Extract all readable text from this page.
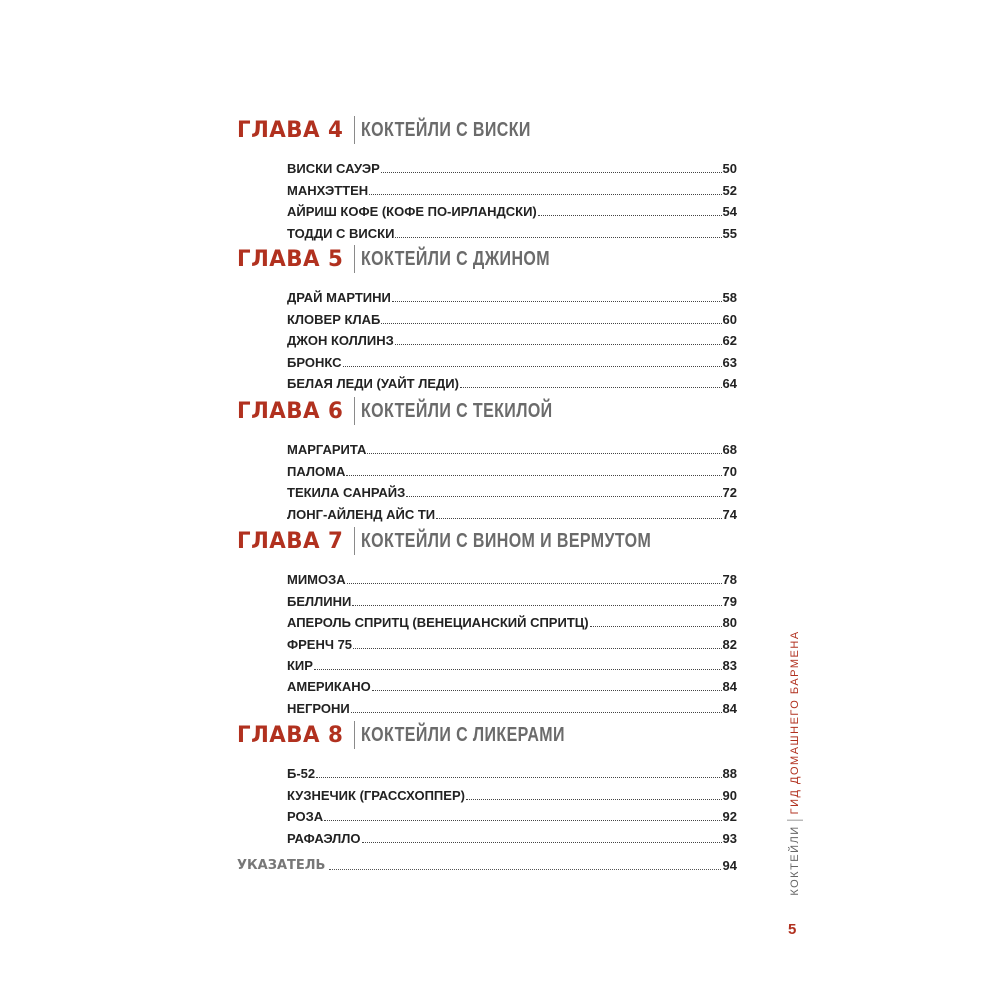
ГЛАВА 4 КОКТЕЙЛИ С ВИСКИ
ВИСКИ САУЭР	50
МАНХЭТТЕН	52
АЙРИШ КОФЕ (КОФЕ ПО-ИРЛАНДСКИ)	54
ТОДДИ С ВИСКИ	55
ГЛАВА 5 КОКТЕЙЛИ С ДЖИНОМ
ДРАЙ МАРТИНИ	58
КЛОВЕР КЛАБ	60
ДЖОН КОЛЛИНЗ	62
БРОНКС	63
БЕЛАЯ ЛЕДИ (УАЙТ ЛЕДИ)	64
ГЛАВА 6 КОКТЕЙЛИ С ТЕКИЛОЙ
МАРГАРИТА	68
ПАЛОМА	70
ТЕКИЛА САНРАЙЗ	72
ЛОНГ-АЙЛЕНД АЙС ТИ	74
ГЛАВА 7 КОКТЕЙЛИ С ВИНОМ И ВЕРМУТОМ
МИМОЗА	78
БЕЛЛИНИ	79
АПЕРОЛЬ СПРИТЦ (ВЕНЕЦИАНСКИЙ СПРИТЦ)	80
ФРЕНЧ 75	82
КИР	83
АМЕРИКАНО	84
НЕГРОНИ	84
ГЛАВА 8 КОКТЕЙЛИ С ЛИКЕРАМИ
Б-52	88
КУЗНЕЧИК (ГРАССХОППЕР)	90
РОЗА	92
РАФАЭЛЛО	93
УКАЗАТЕЛЬ	94	КОКТЕЙЛИ
ГИД ДОМАШНЕГО БАРМЕНА
5
